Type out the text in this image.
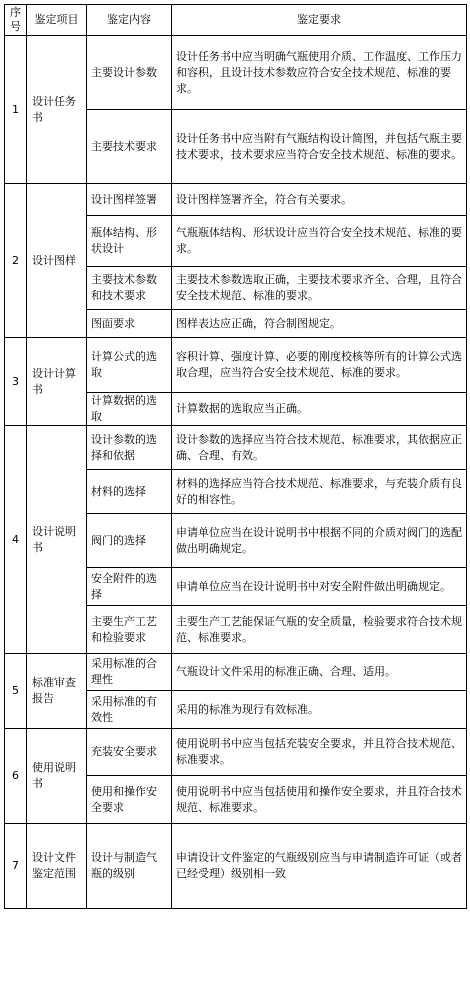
序号	鉴定项目	鉴定内容	鉴定要求
1	设计任务书	主要设计参数	设计任务书中应当明确气瓶使用介质、工作温度、工作压力和容积，且设计技术参数应符合安全技术规范、标准的要求。
		主要技术要求	设计任务书中应当附有气瓶结构设计简图，并包括气瓶主要技术要求，技术要求应当符合安全技术规范、标准的要求。
2	设计图样	设计图样签署	设计图样签署齐全，符合有关要求。
		瓶体结构、形状设计	气瓶瓶体结构、形状设计应当符合安全技术规范、标准的要求。
		主要技术参数和技术要求	主要技术参数选取正确，主要技术要求齐全、合理，且符合安全技术规范、标准的要求。
		图面要求	图样表达应正确，符合制图规定。
3	设计计算书	计算公式的选取	容积计算、强度计算、必要的刚度校核等所有的计算公式选取合理，应当符合安全技术规范、标准的要求。
		计算数据的选取	计算数据的选取应当正确。
4	设计说明书	设计参数的选择和依据	设计参数的选择应当符合技术规范、标准要求，其依据应正确、合理、有效。
		材料的选择	材料的选择应当符合技术规范、标准要求，与充装介质有良好的相容性。
		阀门的选择	申请单位应当在设计说明书中根据不同的介质对阀门的选配做出明确规定。
		安全附件的选择	申请单位应当在设计说明书中对安全附件做出明确规定。
		主要生产工艺和检验要求	主要生产工艺能保证气瓶的安全质量，检验要求符合技术规范、标准要求。
5	标准审查报告	采用标准的合理性	气瓶设计文件采用的标准正确、合理、适用。
		采用标准的有效性	采用的标准为现行有效标准。
6	使用说明书	充装安全要求	使用说明书中应当包括充装安全要求，并且符合技术规范、标准要求。
		使用和操作安全要求	使用说明书中应当包括使用和操作安全要求，并且符合技术规范、标准要求。
7	设计文件鉴定范围	设计与制造气瓶的级别	申请设计文件鉴定的气瓶级别应当与申请制造许可证（或者已经受理）级别相一致
